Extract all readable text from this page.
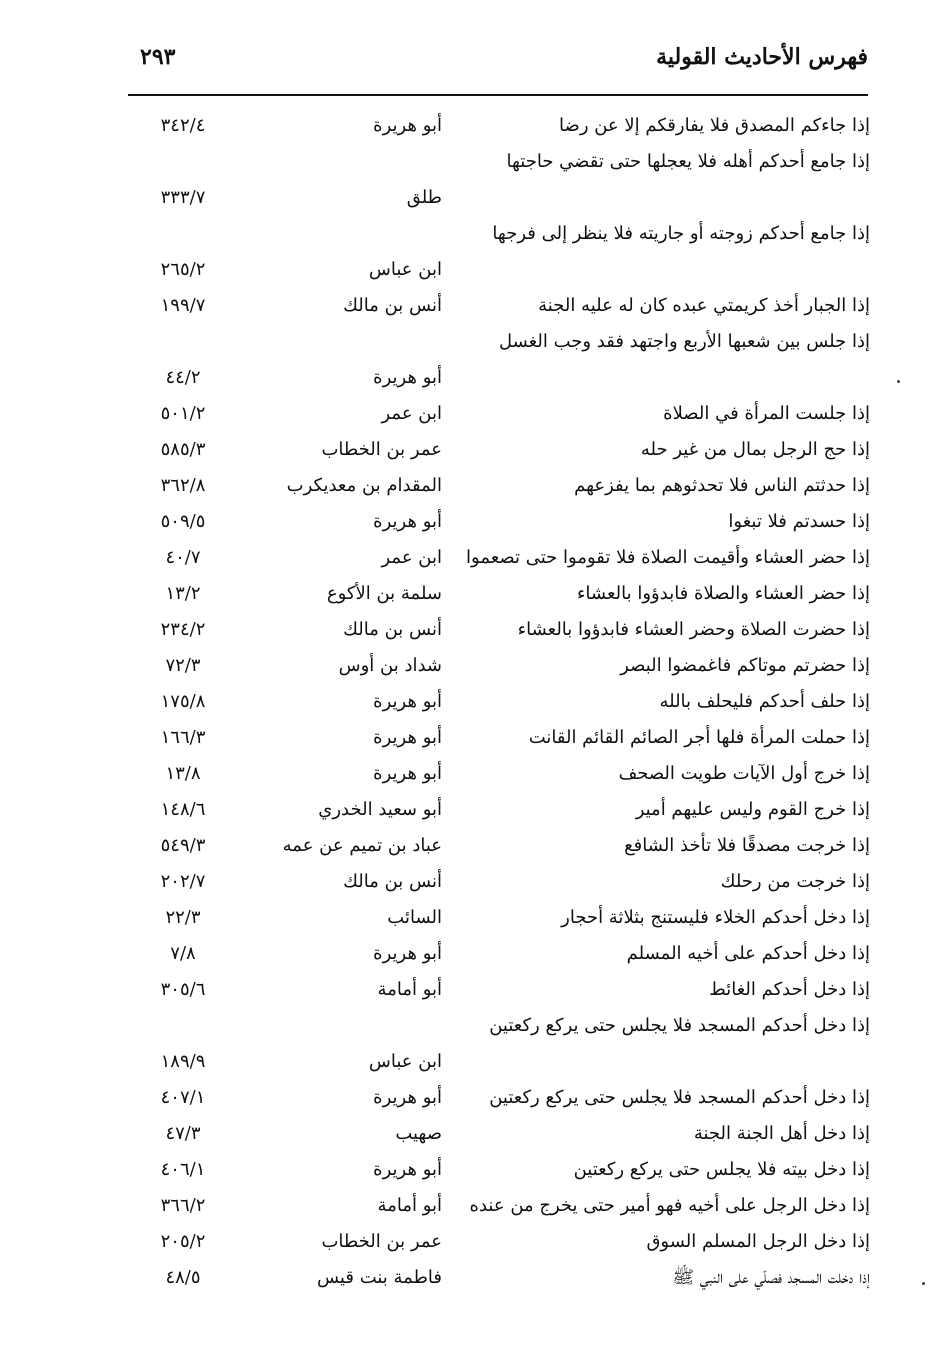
فهرس الأحاديث القولية
٢٩٣
إذا جاءكم المصدق فلا يفارقكم إلا عن رضا
أبو هريرة
٣٤٢/٤
إذا جامع أحدكم أهله فلا يعجلها حتى تقضي حاجتها
طلق
٣٣٣/٧
إذا جامع أحدكم زوجته أو جاريته فلا ينظر إلى فرجها
ابن عباس
٢٦٥/٢
إذا الجبار أخذ كريمتي عبده كان له عليه الجنة
أنس بن مالك
١٩٩/٧
إذا جلس بين شعبها الأربع واجتهد فقد وجب الغسل
أبو هريرة
٤٤/٢
إذا جلست المرأة في الصلاة
ابن عمر
٥٠١/٢
إذا حج الرجل بمال من غير حله
عمر بن الخطاب
٥٨٥/٣
إذا حدثتم الناس فلا تحدثوهم بما يفزعهم
المقدام بن معديكرب
٣٦٢/٨
إذا حسدتم فلا تبغوا
أبو هريرة
٥٠٩/٥
إذا حضر العشاء وأقيمت الصلاة فلا تقوموا حتى تصعموا
ابن عمر
٤٠/٧
إذا حضر العشاء والصلاة فابدؤوا بالعشاء
سلمة بن الأكوع
١٣/٢
إذا حضرت الصلاة وحضر العشاء فابدؤوا بالعشاء
أنس بن مالك
٢٣٤/٢
إذا حضرتم موتاكم فاغمضوا البصر
شداد بن أوس
٧٢/٣
إذا حلف أحدكم فليحلف بالله
أبو هريرة
١٧٥/٨
إذا حملت المرأة فلها أجر الصائم القائم القانت
أبو هريرة
١٦٦/٣
إذا خرج أول الآيات طويت الصحف
أبو هريرة
١٣/٨
إذا خرج القوم وليس عليهم أمير
أبو سعيد الخدري
١٤٨/٦
إذا خرجت مصدقًا فلا تأخذ الشافع
عباد بن تميم عن عمه
٥٤٩/٣
إذا خرجت من رحلك
أنس بن مالك
٢٠٢/٧
إذا دخل أحدكم الخلاء فليستنج بثلاثة أحجار
السائب
٢٢/٣
إذا دخل أحدكم على أخيه المسلم
أبو هريرة
٧/٨
إذا دخل أحدكم الغائط
أبو أمامة
٣٠٥/٦
إذا دخل أحدكم المسجد فلا يجلس حتى يركع ركعتين
ابن عباس
١٨٩/٩
إذا دخل أحدكم المسجد فلا يجلس حتى يركع ركعتين
أبو هريرة
٤٠٧/١
إذا دخل أهل الجنة الجنة
صهيب
٤٧/٣
إذا دخل بيته فلا يجلس حتى يركع ركعتين
أبو هريرة
٤٠٦/١
إذا دخل الرجل على أخيه فهو أمير حتى يخرج من عنده
أبو أمامة
٣٦٦/٢
إذا دخل الرجل المسلم السوق
عمر بن الخطاب
٢٠٥/٢
إذا دخلت المسجد فصلّي على النبي ﷺ
فاطمة بنت قيس
٤٨/٥
